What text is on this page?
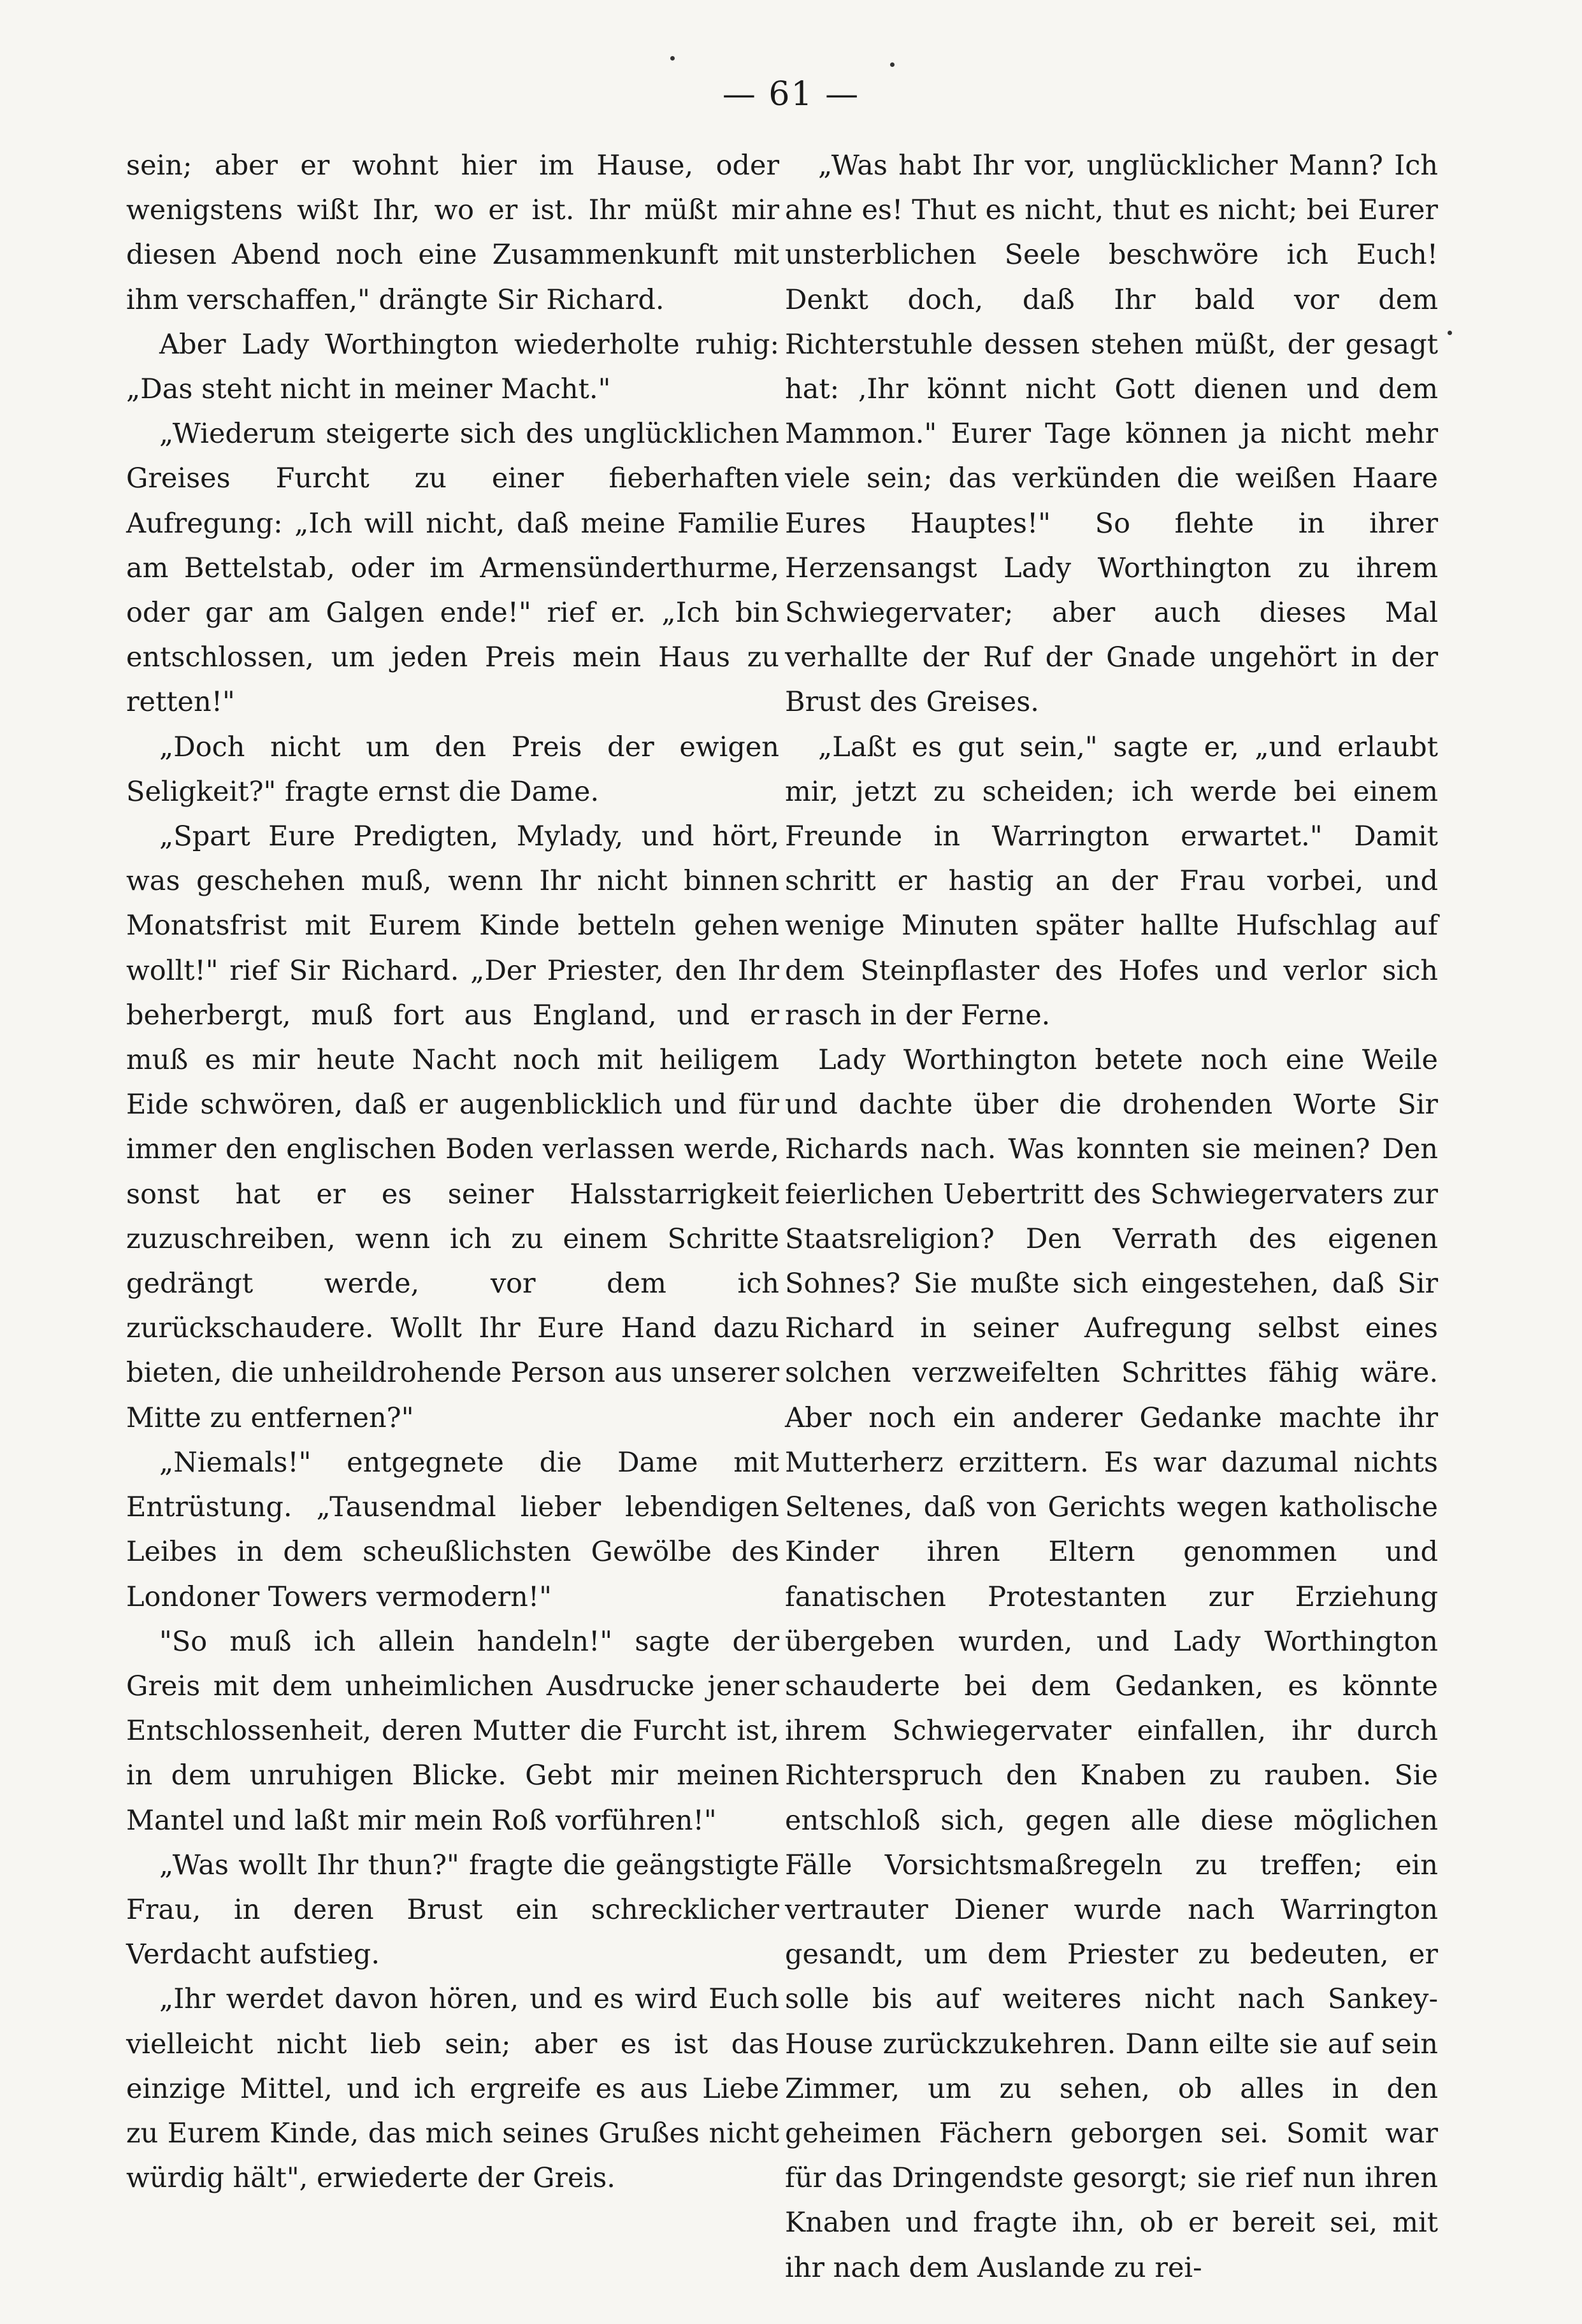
— 61 —

sein; aber er wohnt hier im Hause, oder wenigstens wißt Ihr, wo er ist. Ihr müßt mir diesen Abend noch eine Zusammenkunft mit ihm verschaffen," drängte Sir Richard.

Aber Lady Worthington wiederholte ruhig: „Das steht nicht in meiner Macht."

„Wiederum steigerte sich des unglücklichen Greises Furcht zu einer fieberhaften Aufregung: „Ich will nicht, daß meine Familie am Bettelstab, oder im Armensünderthurme, oder gar am Galgen ende!" rief er. „Ich bin entschlossen, um jeden Preis mein Haus zu retten!"

„Doch nicht um den Preis der ewigen Seligkeit?" fragte ernst die Dame.

„Spart Eure Predigten, Mylady, und hört, was geschehen muß, wenn Ihr nicht binnen Monatsfrist mit Eurem Kinde betteln gehen wollt!" rief Sir Richard. „Der Priester, den Ihr beherbergt, muß fort aus England, und er muß es mir heute Nacht noch mit heiligem Eide schwören, daß er augenblicklich und für immer den englischen Boden verlassen werde, sonst hat er es seiner Halsstarrigkeit zuzuschreiben, wenn ich zu einem Schritte gedrängt werde, vor dem ich zurückschaudere. Wollt Ihr Eure Hand dazu bieten, die unheildrohende Person aus unserer Mitte zu entfernen?"

„Niemals!" entgegnete die Dame mit Entrüstung. „Tausendmal lieber lebendigen Leibes in dem scheußlichsten Gewölbe des Londoner Towers vermodern!"

"So muß ich allein handeln!" sagte der Greis mit dem unheimlichen Ausdrucke jener Entschlossenheit, deren Mutter die Furcht ist, in dem unruhigen Blicke. Gebt mir meinen Mantel und laßt mir mein Roß vorführen!"

„Was wollt Ihr thun?" fragte die geängstigte Frau, in deren Brust ein schrecklicher Verdacht aufstieg.

„Ihr werdet davon hören, und es wird Euch vielleicht nicht lieb sein; aber es ist das einzige Mittel, und ich ergreife es aus Liebe zu Eurem Kinde, das mich seines Grußes nicht würdig hält", erwiederte der Greis.

„Was habt Ihr vor, unglücklicher Mann? Ich ahne es! Thut es nicht, thut es nicht; bei Eurer unsterblichen Seele beschwöre ich Euch! Denkt doch, daß Ihr bald vor dem Richterstuhle dessen stehen müßt, der gesagt hat: ‚Ihr könnt nicht Gott dienen und dem Mammon." Eurer Tage können ja nicht mehr viele sein; das verkünden die weißen Haare Eures Hauptes!" So flehte in ihrer Herzensangst Lady Worthington zu ihrem Schwiegervater; aber auch dieses Mal verhallte der Ruf der Gnade ungehört in der Brust des Greises.

„Laßt es gut sein," sagte er, „und erlaubt mir, jetzt zu scheiden; ich werde bei einem Freunde in Warrington erwartet." Damit schritt er hastig an der Frau vorbei, und wenige Minuten später hallte Hufschlag auf dem Steinpflaster des Hofes und verlor sich rasch in der Ferne.

Lady Worthington betete noch eine Weile und dachte über die drohenden Worte Sir Richards nach. Was konnten sie meinen? Den feierlichen Uebertritt des Schwiegervaters zur Staatsreligion? Den Verrath des eigenen Sohnes? Sie mußte sich eingestehen, daß Sir Richard in seiner Aufregung selbst eines solchen verzweifelten Schrittes fähig wäre. Aber noch ein anderer Gedanke machte ihr Mutterherz erzittern. Es war dazumal nichts Seltenes, daß von Gerichts wegen katholische Kinder ihren Eltern genommen und fanatischen Protestanten zur Erziehung übergeben wurden, und Lady Worthington schauderte bei dem Gedanken, es könnte ihrem Schwiegervater einfallen, ihr durch Richterspruch den Knaben zu rauben. Sie entschloß sich, gegen alle diese möglichen Fälle Vorsichtsmaßregeln zu treffen; ein vertrauter Diener wurde nach Warrington gesandt, um dem Priester zu bedeuten, er solle bis auf weiteres nicht nach Sankey-House zurückzukehren. Dann eilte sie auf sein Zimmer, um zu sehen, ob alles in den geheimen Fächern geborgen sei. Somit war für das Dringendste gesorgt; sie rief nun ihren Knaben und fragte ihn, ob er bereit sei, mit ihr nach dem Auslande zu rei-
